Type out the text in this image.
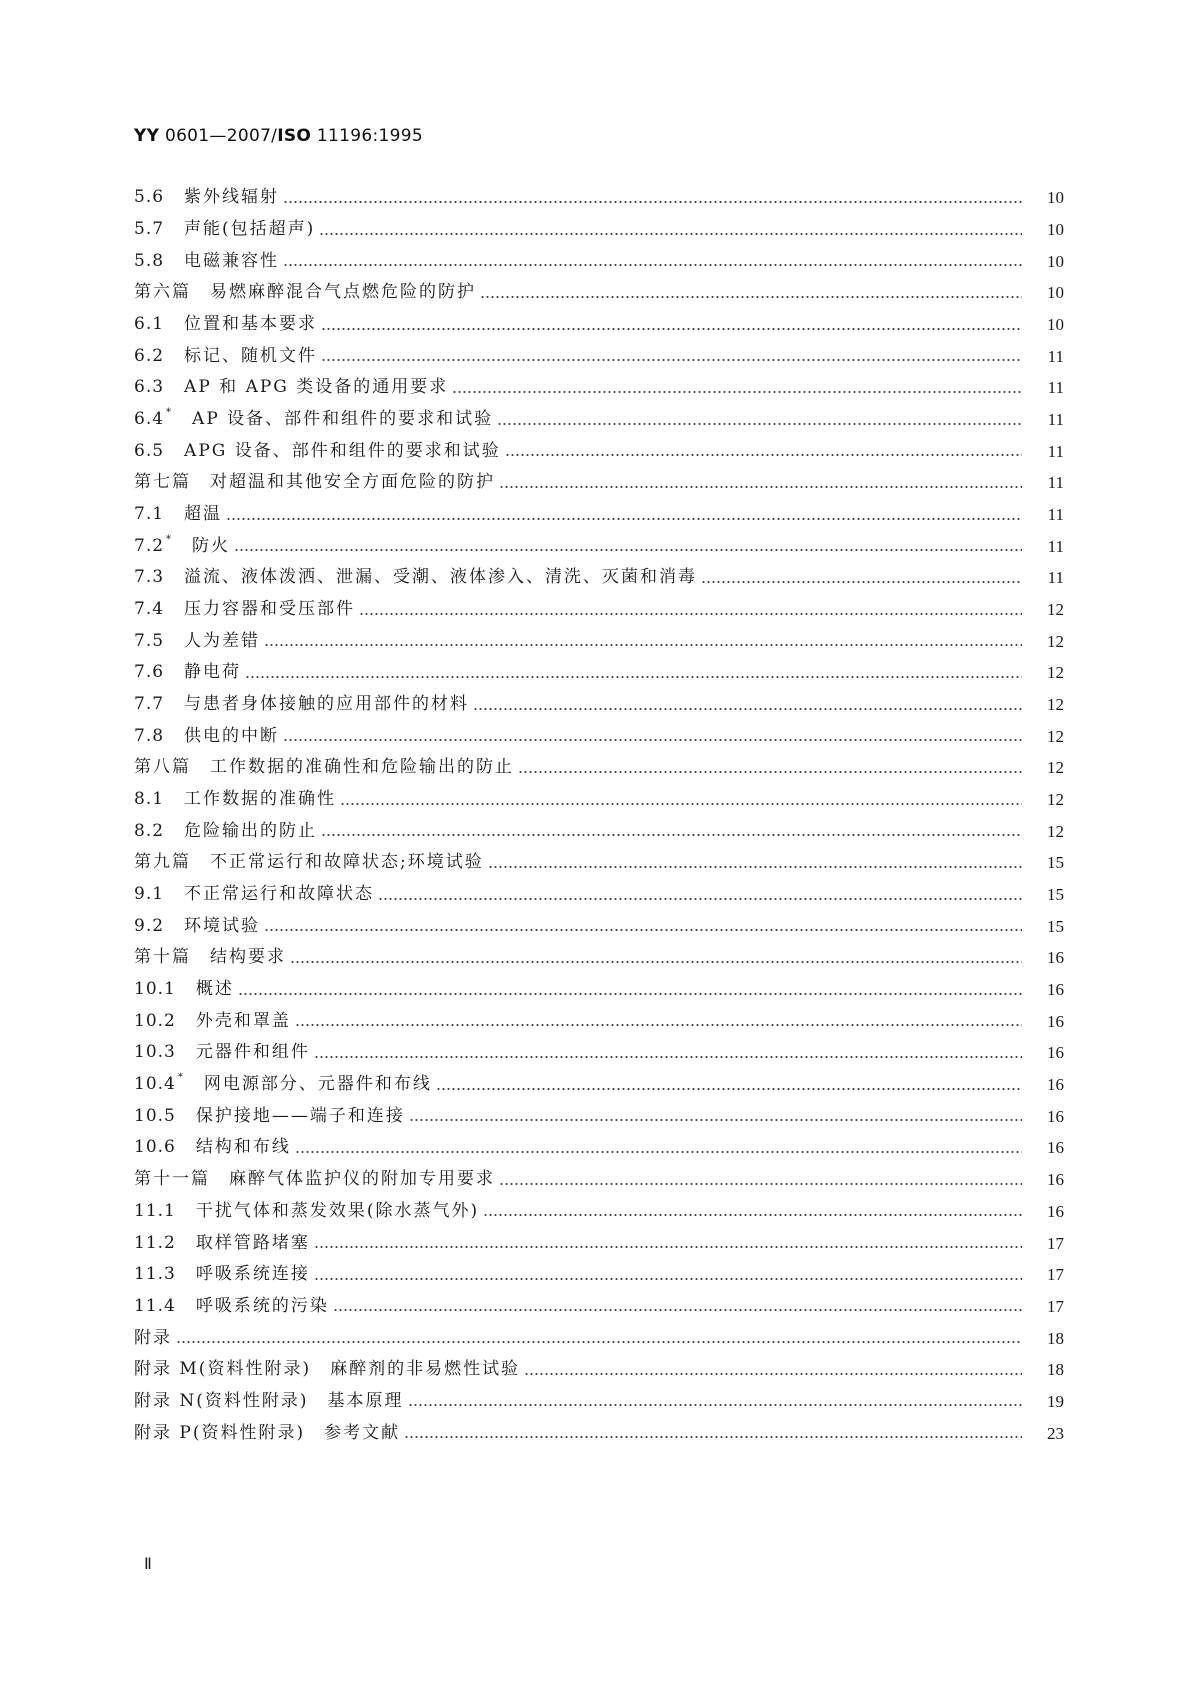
YY 0601—2007/ISO 11196:1995
5.6 紫外线辐射	10
5.7 声能(包括超声)	10
5.8 电磁兼容性	10
第六篇　易燃麻醉混合气点燃危险的防护	10
6.1 位置和基本要求	10
6.2 标记、随机文件	11
6.3 AP 和 APG 类设备的通用要求	11
6.4 * AP 设备、部件和组件的要求和试验	11
6.5 APG 设备、部件和组件的要求和试验	11
第七篇　对超温和其他安全方面危险的防护	11
7.1 超温	11
7.2 * 防火	11
7.3 溢流、液体泼洒、泄漏、受潮、液体渗入、清洗、灭菌和消毒	11
7.4 压力容器和受压部件	12
7.5 人为差错	12
7.6 静电荷	12
7.7 与患者身体接触的应用部件的材料	12
7.8 供电的中断	12
第八篇　工作数据的准确性和危险输出的防止	12
8.1 工作数据的准确性	12
8.2 危险输出的防止	12
第九篇　不正常运行和故障状态;环境试验	15
9.1 不正常运行和故障状态	15
9.2 环境试验	15
第十篇　结构要求	16
10.1 概述	16
10.2 外壳和罩盖	16
10.3 元器件和组件	16
10.4 * 网电源部分、元器件和布线	16
10.5 保护接地——端子和连接	16
10.6 结构和布线	16
第十一篇　麻醉气体监护仪的附加专用要求	16
11.1 干扰气体和蒸发效果(除水蒸气外)	16
11.2 取样管路堵塞	17
11.3 呼吸系统连接	17
11.4 呼吸系统的污染	17
附录	18
附录 M(资料性附录)　麻醉剂的非易燃性试验	18
附录 N(资料性附录)　基本原理	19
附录 P(资料性附录)　参考文献	23
Ⅱ
